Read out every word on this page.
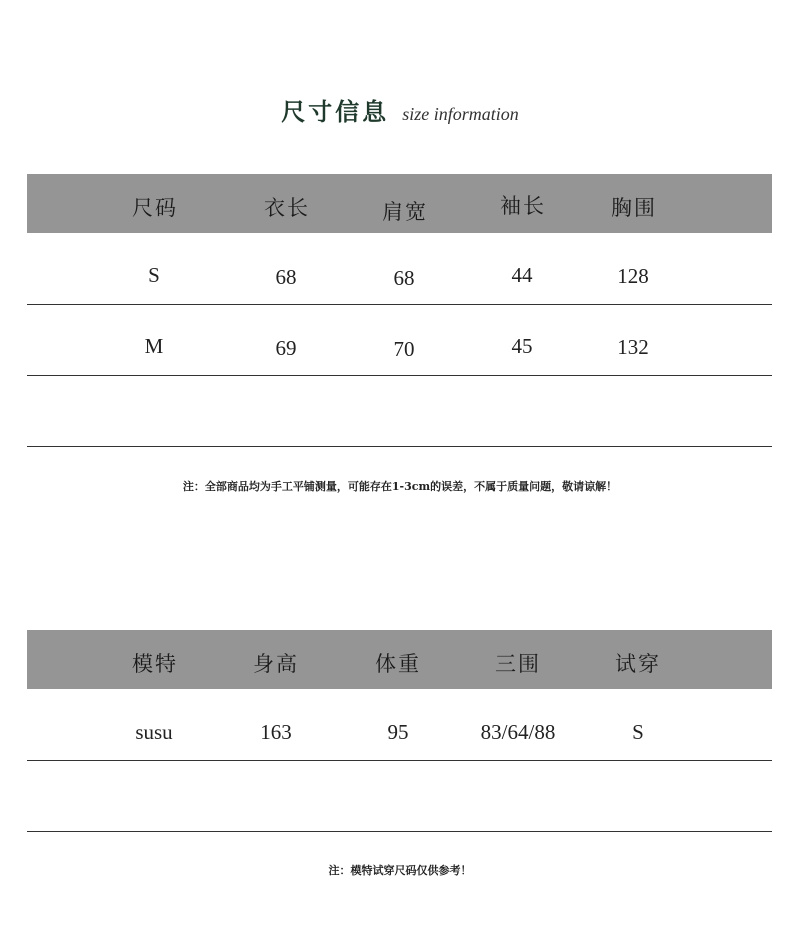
尺寸信息 size information
尺码	衣长	肩宽	袖长	胸围
S	68	68	44	128
M	69	70	45	132
注：全部商品均为手工平铺测量，可能存在1-3cm的误差，不属于质量问题，敬请谅解！
模特	身高	体重	三围	试穿
susu	163	95	83/64/88	S
注：模特试穿尺码仅供参考！
